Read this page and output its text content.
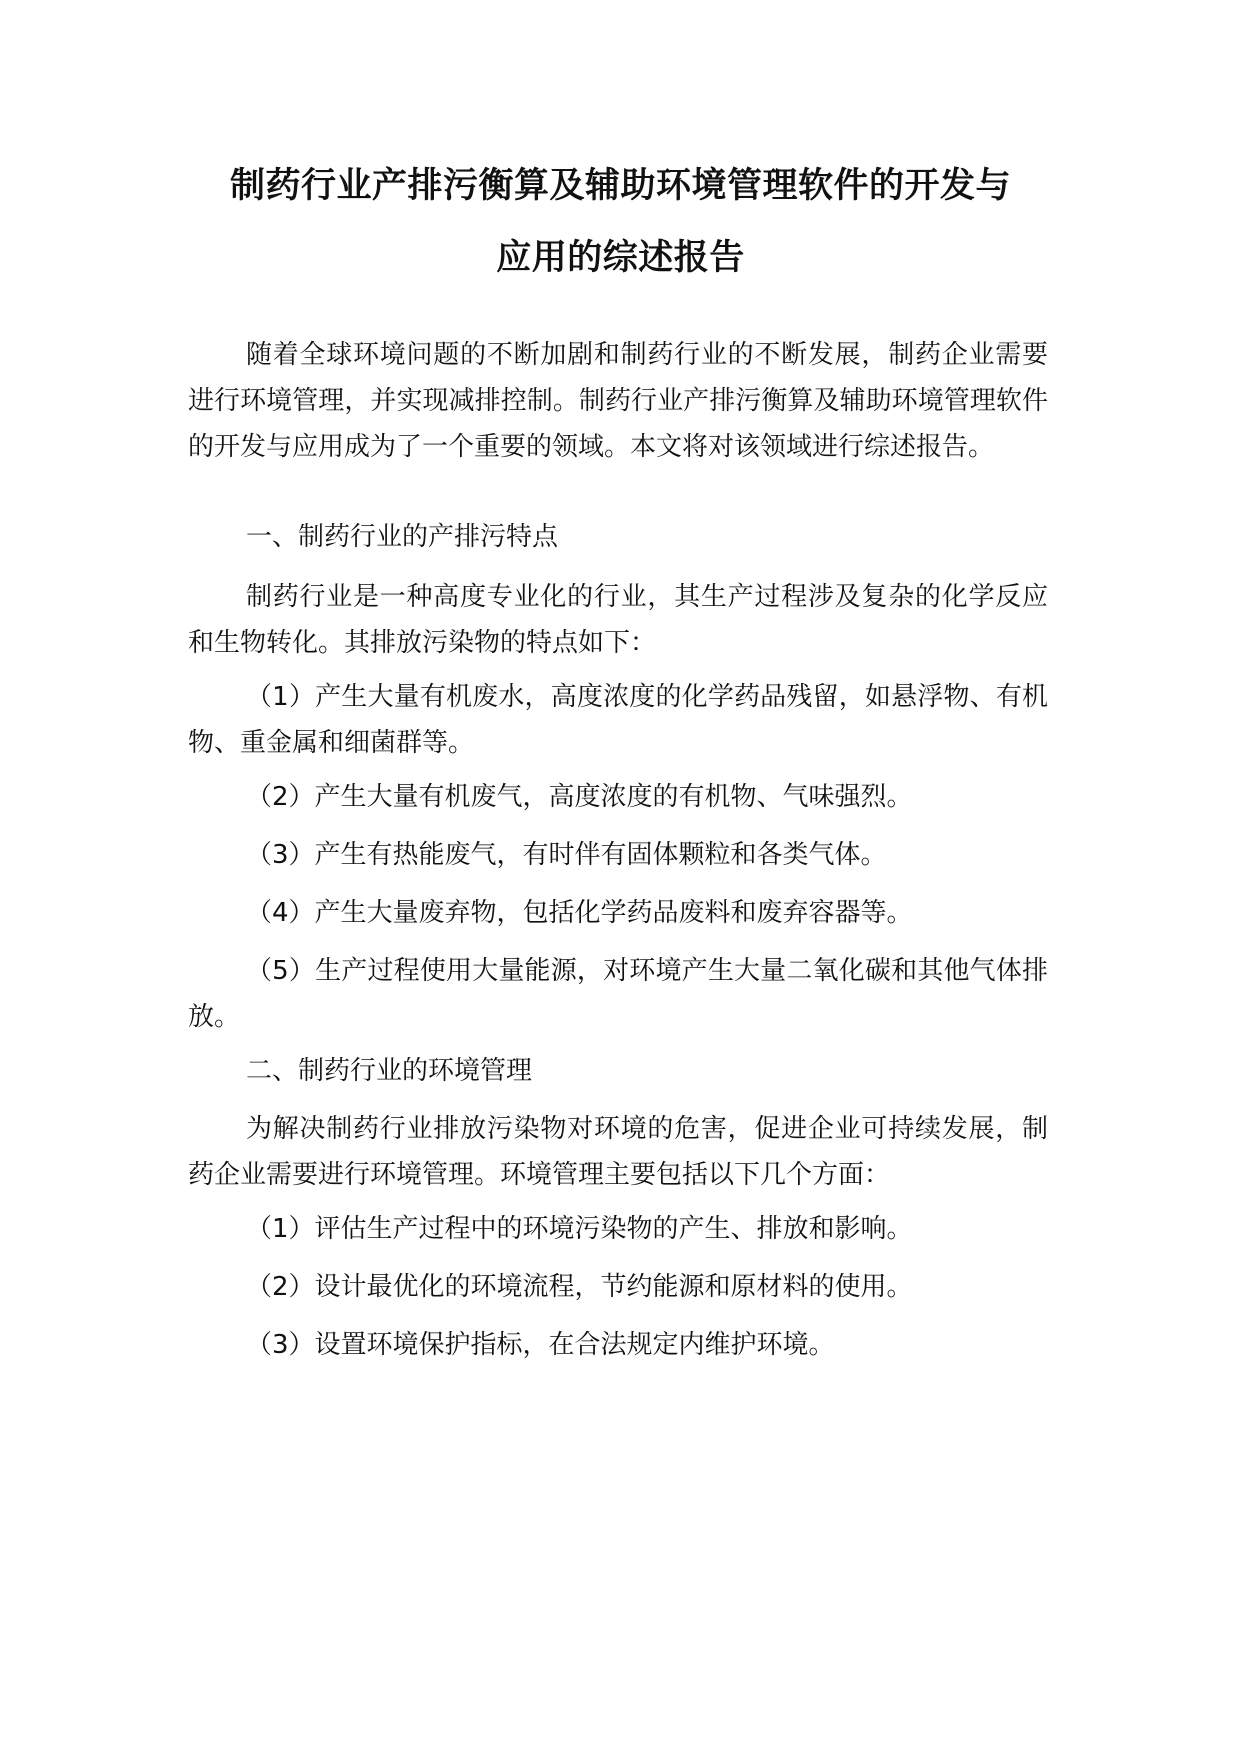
制药行业产排污衡算及辅助环境管理软件的开发与
应用的综述报告

随着全球环境问题的不断加剧和制药行业的不断发展，制药企业需要进行环境管理，并实现减排控制。制药行业产排污衡算及辅助环境管理软件的开发与应用成为了一个重要的领域。本文将对该领域进行综述报告。

一、制药行业的产排污特点

制药行业是一种高度专业化的行业，其生产过程涉及复杂的化学反应和生物转化。其排放污染物的特点如下：

（1）产生大量有机废水，高度浓度的化学药品残留，如悬浮物、有机物、重金属和细菌群等。

（2）产生大量有机废气，高度浓度的有机物、气味强烈。

（3）产生有热能废气，有时伴有固体颗粒和各类气体。

（4）产生大量废弃物，包括化学药品废料和废弃容器等。

（5）生产过程使用大量能源，对环境产生大量二氧化碳和其他气体排放。

二、制药行业的环境管理

为解决制药行业排放污染物对环境的危害，促进企业可持续发展，制药企业需要进行环境管理。环境管理主要包括以下几个方面：

（1）评估生产过程中的环境污染物的产生、排放和影响。

（2）设计最优化的环境流程，节约能源和原材料的使用。

（3）设置环境保护指标，在合法规定内维护环境。
